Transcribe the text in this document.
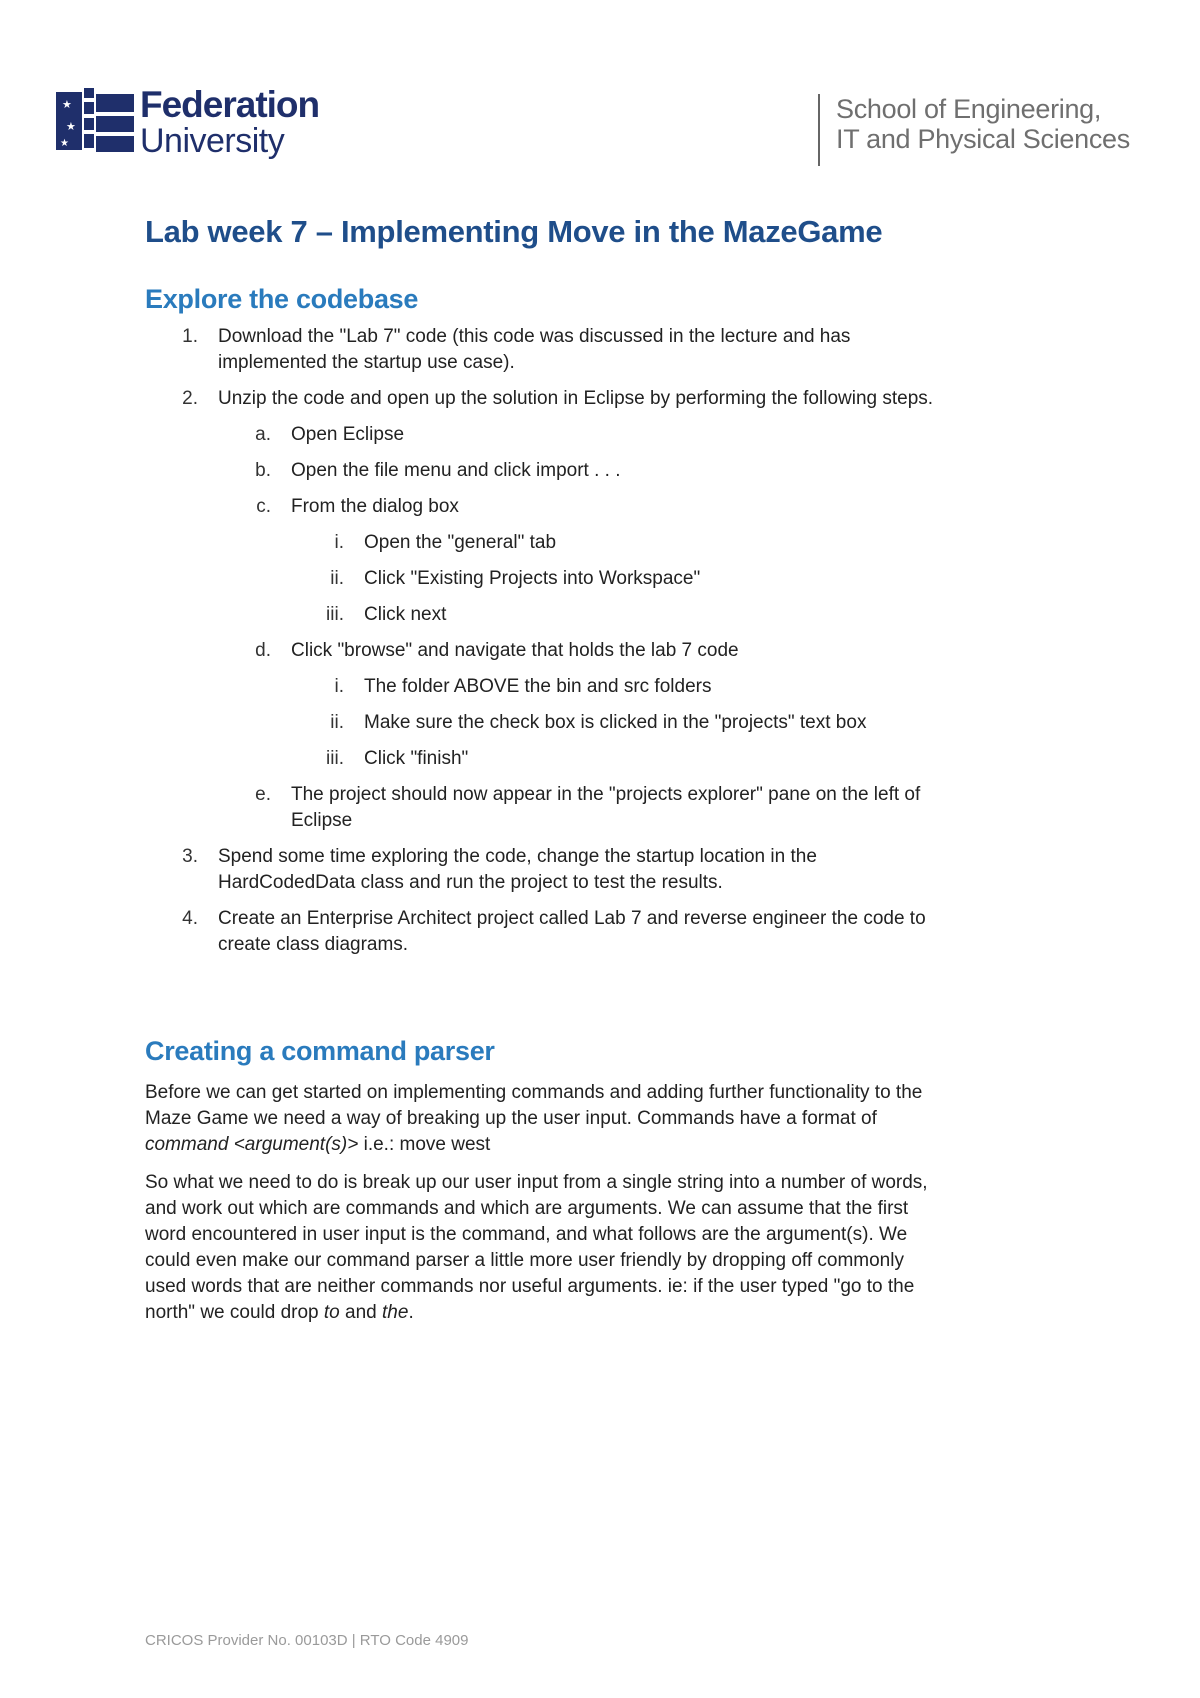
★
★
★
Federation
University
School of Engineering,
IT and Physical Sciences
Lab week 7 – Implementing Move in the MazeGame
Explore the codebase
1. Download the "Lab 7" code (this code was discussed in the lecture and has implemented the startup use case).
2. Unzip the code and open up the solution in Eclipse by performing the following steps.
a. Open Eclipse
b. Open the file menu and click import . . .
c. From the dialog box
i. Open the "general" tab
ii. Click "Existing Projects into Workspace"
iii. Click next
d. Click "browse" and navigate that holds the lab 7 code
i. The folder ABOVE the bin and src folders
ii. Make sure the check box is clicked in the "projects" text box
iii. Click "finish"
e. The project should now appear in the "projects explorer" pane on the left of Eclipse
3. Spend some time exploring the code, change the startup location in the HardCodedData class and run the project to test the results.
4. Create an Enterprise Architect project called Lab 7 and reverse engineer the code to create class diagrams.
Creating a command parser

Before we can get started on implementing commands and adding further functionality to the Maze Game we need a way of breaking up the user input. Commands have a format of command <argument(s)> i.e.: move west

So what we need to do is break up our user input from a single string into a number of words, and work out which are commands and which are arguments. We can assume that the first word encountered in user input is the command, and what follows are the argument(s). We could even make our command parser a little more user friendly by dropping off commonly used words that are neither commands nor useful arguments. ie: if the user typed "go to the north" we could drop to and the.

CRICOS Provider No. 00103D | RTO Code 4909
